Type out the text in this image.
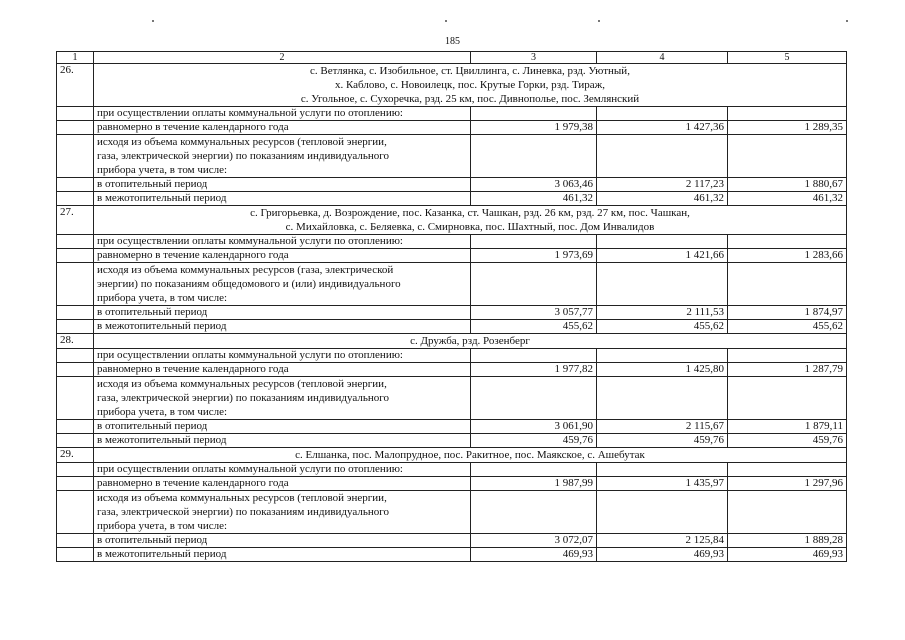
185
1	2	3	4	5
26.	с. Ветлянка, с. Изобильное, ст. Цвиллинга, с. Линевка, рзд. Уютный,
х. Каблово, с. Новоилецк, пос. Крутые Горки, рзд. Тираж,
с. Угольное, с. Сухоречка, рзд. 25 км, пос. Дивнополье, пос. Землянский			

	при осуществлении оплаты коммунальной услуги по отоплению:			
	равномерно в течение календарного года	1 979,38	1 427,36	1 289,35

	исходя из объема коммунальных ресурсов (тепловой энергии,
газа, электрической энергии) по показаниям индивидуального
прибора учета, в том числе:			

	в отопительный период	3 063,46	2 117,23	1 880,67
	в межотопительный период	461,32	461,32	461,32
27.	с. Григорьевка, д. Возрождение, пос. Казанка, ст. Чашкан, рзд. 26 км, рзд. 27 км, пос. Чашкан,
с. Михайловка, с. Беляевка, с. Смирновка, пос. Шахтный, пос. Дом Инвалидов			

	при осуществлении оплаты коммунальной услуги по отоплению:			
	равномерно в течение календарного года	1 973,69	1 421,66	1 283,66

	исходя из объема коммунальных ресурсов (газа, электрической
энергии) по показаниям общедомового и (или) индивидуального
прибора учета, в том числе:			

	в отопительный период	3 057,77	2 111,53	1 874,97
	в межотопительный период	455,62	455,62	455,62
28.	с. Дружба, рзд. Розенберг			

	при осуществлении оплаты коммунальной услуги по отоплению:			
	равномерно в течение календарного года	1 977,82	1 425,80	1 287,79

	исходя из объема коммунальных ресурсов (тепловой энергии,
газа, электрической энергии) по показаниям индивидуального
прибора учета, в том числе:			

	в отопительный период	3 061,90	2 115,67	1 879,11
	в межотопительный период	459,76	459,76	459,76
29.	с. Елшанка, пос. Малопрудное, пос. Ракитное, пос. Маякское, с. Ашебутак			

	при осуществлении оплаты коммунальной услуги по отоплению:			
	равномерно в течение календарного года	1 987,99	1 435,97	1 297,96

	исходя из объема коммунальных ресурсов (тепловой энергии,
газа, электрической энергии) по показаниям индивидуального
прибора учета, в том числе:			

	в отопительный период	3 072,07	2 125,84	1 889,28
	в межотопительный период	469,93	469,93	469,93
